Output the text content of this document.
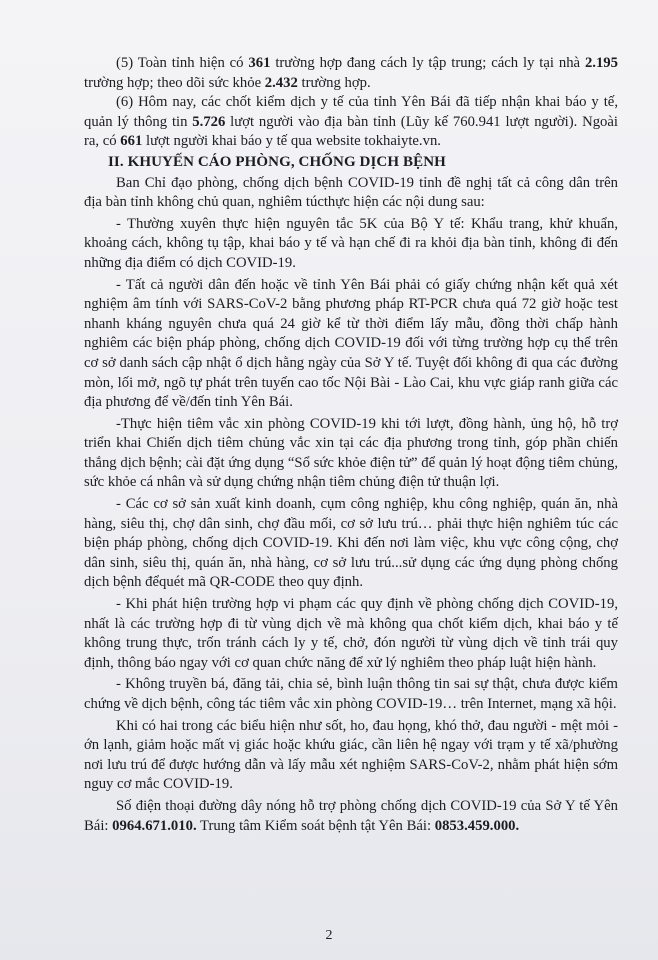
(5) Toàn tỉnh hiện có 361 trường hợp đang cách ly tập trung; cách ly tại nhà 2.195 trường hợp; theo dõi sức khỏe 2.432 trường hợp.

(6) Hôm nay, các chốt kiểm dịch y tế của tỉnh Yên Bái đã tiếp nhận khai báo y tế, quản lý thông tin 5.726 lượt người vào địa bàn tỉnh (Lũy kế 760.941 lượt người). Ngoài ra, có 661 lượt người khai báo y tế qua website tokhaiyte.vn.

II. KHUYẾN CÁO PHÒNG, CHỐNG DỊCH BỆNH

Ban Chỉ đạo phòng, chống dịch bệnh COVID-19 tỉnh đề nghị tất cả công dân trên địa bàn tỉnh không chủ quan, nghiêm túcthực hiện các nội dung sau:

- Thường xuyên thực hiện nguyên tắc 5K của Bộ Y tế: Khẩu trang, khử khuẩn, khoảng cách, không tụ tập, khai báo y tế và hạn chế đi ra khỏi địa bàn tỉnh, không đi đến những địa điểm có dịch COVID-19.

- Tất cả người dân đến hoặc về tỉnh Yên Bái phải có giấy chứng nhận kết quả xét nghiệm âm tính với SARS-CoV-2 bằng phương pháp RT-PCR chưa quá 72 giờ hoặc test nhanh kháng nguyên chưa quá 24 giờ kể từ thời điểm lấy mẫu, đồng thời chấp hành nghiêm các biện pháp phòng, chống dịch COVID-19 đối với từng trường hợp cụ thể trên cơ sở danh sách cập nhật ổ dịch hằng ngày của Sở Y tế. Tuyệt đối không đi qua các đường mòn, lối mở, ngõ tự phát trên tuyến cao tốc Nội Bài - Lào Cai, khu vực giáp ranh giữa các địa phương để về/đến tỉnh Yên Bái.

-Thực hiện tiêm vắc xin phòng COVID-19 khi tới lượt, đồng hành, ủng hộ, hỗ trợ triển khai Chiến dịch tiêm chủng vắc xin tại các địa phương trong tỉnh, góp phần chiến thắng dịch bệnh; cài đặt ứng dụng “Sổ sức khỏe điện tử” để quản lý hoạt động tiêm chủng, sức khỏe cá nhân và sử dụng chứng nhận tiêm chủng điện tử thuận lợi.

- Các cơ sở sản xuất kinh doanh, cụm công nghiệp, khu công nghiệp, quán ăn, nhà hàng, siêu thị, chợ dân sinh, chợ đầu mối, cơ sở lưu trú… phải thực hiện nghiêm túc các biện pháp phòng, chống dịch COVID-19. Khi đến nơi làm việc, khu vực công cộng, chợ dân sinh, siêu thị, quán ăn, nhà hàng, cơ sở lưu trú...sử dụng các ứng dụng phòng chống dịch bệnh đểquét mã QR-CODE theo quy định.

- Khi phát hiện trường hợp vi phạm các quy định về phòng chống dịch COVID-19, nhất là các trường hợp đi từ vùng dịch về mà không qua chốt kiểm dịch, khai báo y tế không trung thực, trốn tránh cách ly y tế, chở, đón người từ vùng dịch về tỉnh trái quy định, thông báo ngay với cơ quan chức năng để xử lý nghiêm theo pháp luật hiện hành.

- Không truyền bá, đăng tải, chia sẻ, bình luận thông tin sai sự thật, chưa được kiểm chứng về dịch bệnh, công tác tiêm vắc xin phòng COVID-19… trên Internet, mạng xã hội.

Khi có hai trong các biểu hiện như sốt, ho, đau họng, khó thở, đau người - mệt mỏi - ớn lạnh, giảm hoặc mất vị giác hoặc khứu giác, cần liên hệ ngay với trạm y tế xã/phường nơi lưu trú để được hướng dẫn và lấy mẫu xét nghiệm SARS-CoV-2, nhằm phát hiện sớm nguy cơ mắc COVID-19.

Số điện thoại đường dây nóng hỗ trợ phòng chống dịch COVID-19 của Sở Y tế Yên Bái: 0964.671.010. Trung tâm Kiểm soát bệnh tật Yên Bái: 0853.459.000.

2
